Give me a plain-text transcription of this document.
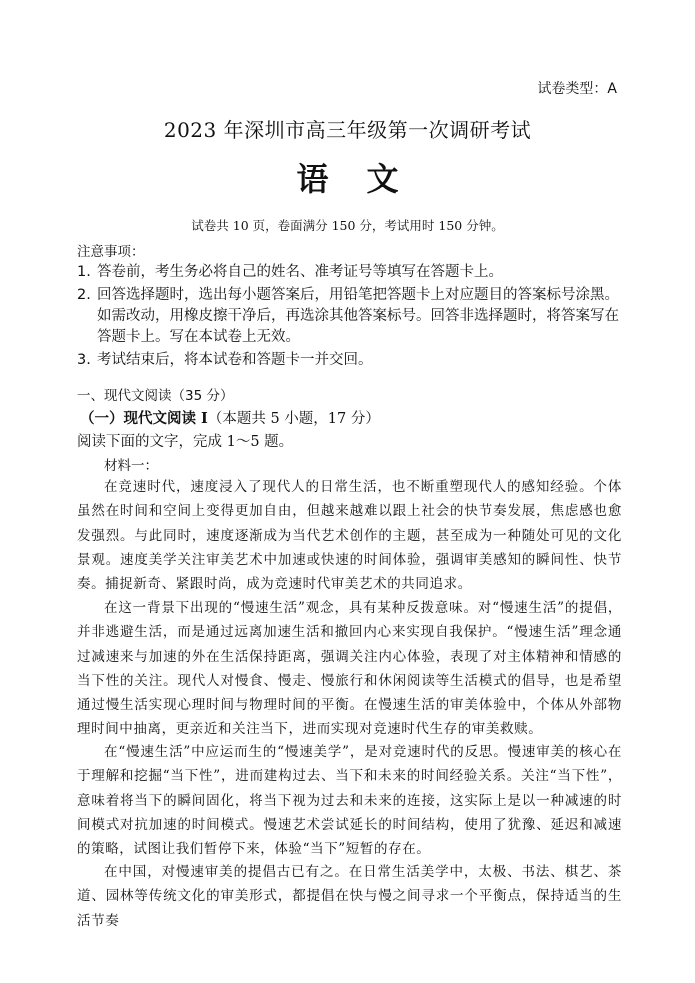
试卷类型：A
2023 年深圳市高三年级第一次调研考试
语文
试卷共 10 页，卷面满分 150 分，考试用时 150 分钟。
注意事项：
1. 答卷前，考生务必将自己的姓名、准考证号等填写在答题卡上。
2. 回答选择题时，选出每小题答案后，用铅笔把答题卡上对应题目的答案标号涂黑。如需改动，用橡皮擦干净后，再选涂其他答案标号。回答非选择题时，将答案写在答题卡上。写在本试卷上无效。
3. 考试结束后，将本试卷和答题卡一并交回。
一、现代文阅读（35 分）
（一）现代文阅读 I（本题共 5 小题，17 分）
阅读下面的文字，完成 1～5 题。
材料一：
在竞速时代，速度浸入了现代人的日常生活，也不断重塑现代人的感知经验。个体虽然在时间和空间上变得更加自由，但越来越难以跟上社会的快节奏发展，焦虑感也愈发强烈。与此同时，速度逐渐成为当代艺术创作的主题，甚至成为一种随处可见的文化景观。速度美学关注审美艺术中加速或快速的时间体验，强调审美感知的瞬间性、快节奏。捕捉新奇、紧跟时尚，成为竞速时代审美艺术的共同追求。
在这一背景下出现的“慢速生活”观念，具有某种反拨意味。对“慢速生活”的提倡，并非逃避生活，而是通过远离加速生活和撤回内心来实现自我保护。“慢速生活”理念通过减速来与加速的外在生活保持距离，强调关注内心体验，表现了对主体精神和情感的当下性的关注。现代人对慢食、慢走、慢旅行和休闲阅读等生活模式的倡导，也是希望通过慢生活实现心理时间与物理时间的平衡。在慢速生活的审美体验中，个体从外部物理时间中抽离，更亲近和关注当下，进而实现对竞速时代生存的审美救赎。
在“慢速生活”中应运而生的“慢速美学”，是对竞速时代的反思。慢速审美的核心在于理解和挖掘“当下性”，进而建构过去、当下和未来的时间经验关系。关注“当下性”，意味着将当下的瞬间固化，将当下视为过去和未来的连接，这实际上是以一种减速的时间模式对抗加速的时间模式。慢速艺术尝试延长的时间结构，使用了犹豫、延迟和减速的策略，试图让我们暂停下来，体验“当下”短暂的存在。
在中国，对慢速审美的提倡古已有之。在日常生活美学中，太极、书法、棋艺、茶道、园林等传统文化的审美形式，都提倡在快与慢之间寻求一个平衡点，保持适当的生活节奏
